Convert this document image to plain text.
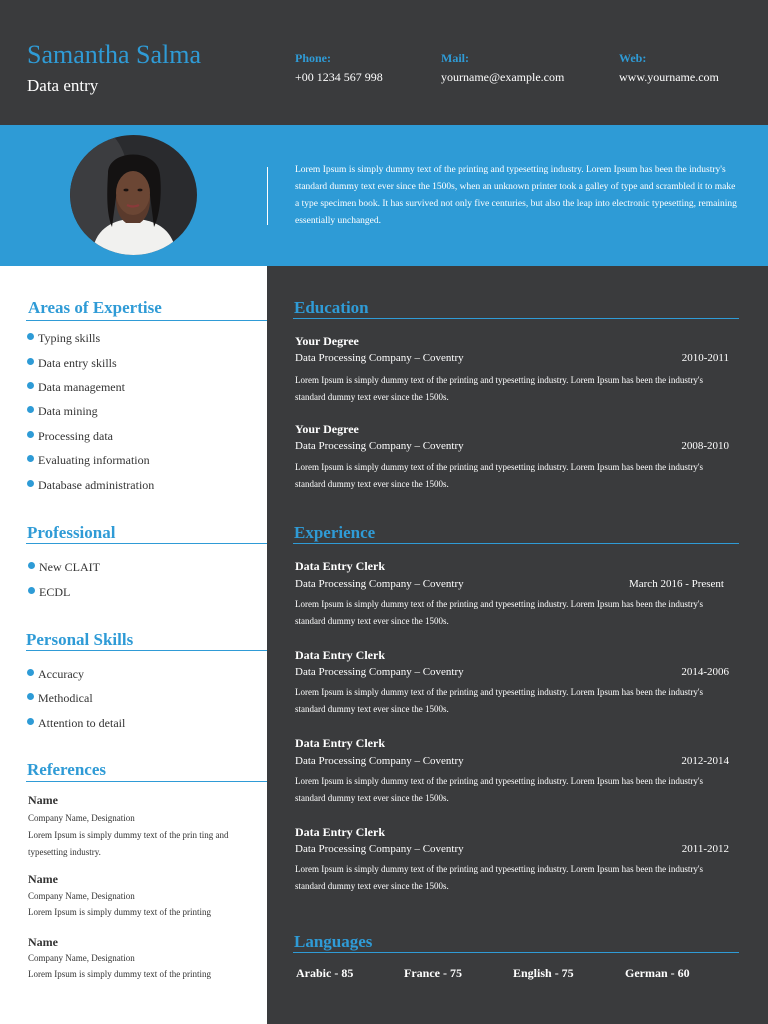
Samantha Salma
Data entry
Phone:
+00 1234 567 998
Mail:
yourname@example.com
Web:
www.yourname.com
Lorem Ipsum is simply dummy text of the printing and typesetting industry. Lorem Ipsum has been the industry's standard dummy text ever since the 1500s, when an unknown printer took a galley of type and scrambled it to make a type specimen book. It has survived not only five centuries, but also the leap into electronic typesetting, remaining essentially unchanged.
Areas of Expertise
Typing skills
Data entry skills
Data management
Data mining
Processing data
Evaluating information
Database administration
Professional
New CLAIT
ECDL
Personal Skills
Accuracy
Methodical
Attention to detail
References
Name
Company Name, Designation
Lorem Ipsum is simply dummy text of the prin ting and typesetting industry.
Name
Company Name, Designation
Lorem Ipsum is simply dummy text of the printing
Name
Company Name, Designation
Lorem Ipsum is simply dummy text of the printing
Education
Your Degree
Data Processing Company – Coventry	2010-2011
Lorem Ipsum is simply dummy text of the printing and typesetting industry. Lorem Ipsum has been the industry's standard dummy text ever since the 1500s.
Your Degree
Data Processing Company – Coventry	2008-2010
Lorem Ipsum is simply dummy text of the printing and typesetting industry. Lorem Ipsum has been the industry's standard dummy text ever since the 1500s.
Experience
Data Entry Clerk
Data Processing Company – Coventry	March 2016 - Present
Lorem Ipsum is simply dummy text of the printing and typesetting industry. Lorem Ipsum has been the industry's standard dummy text ever since the 1500s.
Data Entry Clerk
Data Processing Company – Coventry	2014-2006
Lorem Ipsum is simply dummy text of the printing and typesetting industry. Lorem Ipsum has been the industry's standard dummy text ever since the 1500s.
Data Entry Clerk
Data Processing Company – Coventry	2012-2014
Lorem Ipsum is simply dummy text of the printing and typesetting industry. Lorem Ipsum has been the industry's standard dummy text ever since the 1500s.
Data Entry Clerk
Data Processing Company – Coventry	2011-2012
Lorem Ipsum is simply dummy text of the printing and typesetting industry. Lorem Ipsum has been the industry's standard dummy text ever since the 1500s.
Languages
Arabic - 85	France - 75	English - 75	German - 60
